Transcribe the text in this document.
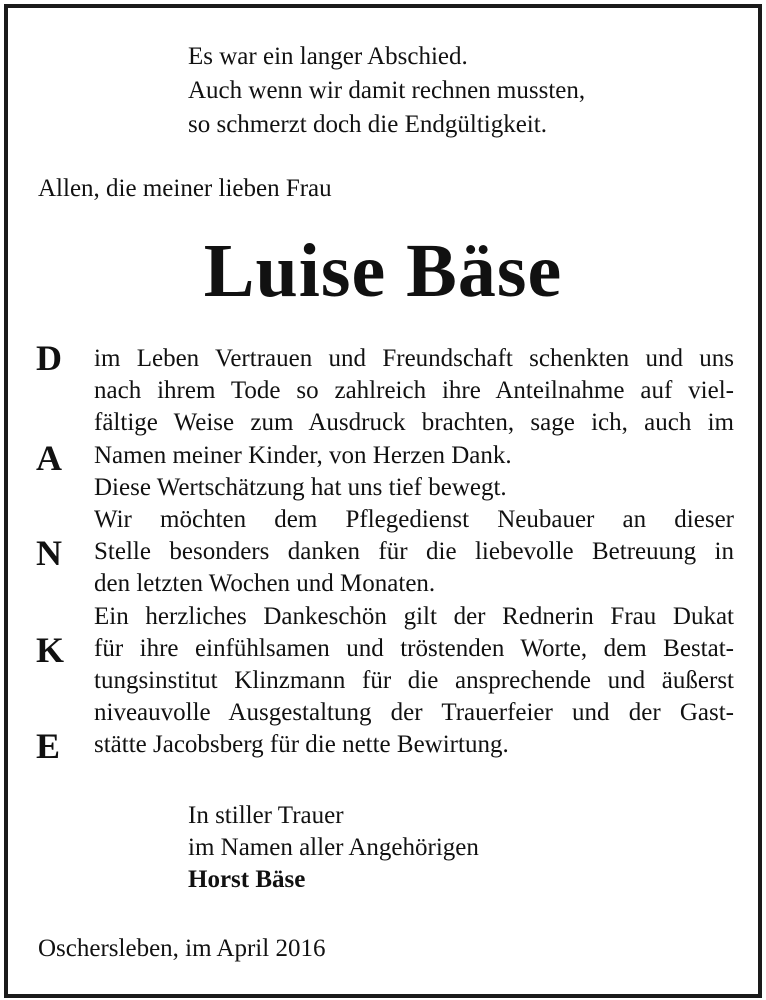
Es war ein langer Abschied.
Auch wenn wir damit rechnen mussten,
so schmerzt doch die Endgültigkeit.
Allen, die meiner lieben Frau
Luise Bäse
D
A
N
K
E
im Leben Vertrauen und Freundschaft schenkten und uns
nach ihrem Tode so zahlreich ihre Anteilnahme auf viel-
fältige Weise zum Ausdruck brachten, sage ich, auch im
Namen meiner Kinder, von Herzen Dank.
Diese Wertschätzung hat uns tief bewegt.
Wir möchten dem Pflegedienst Neubauer an dieser
Stelle besonders danken für die liebevolle Betreuung in
den letzten Wochen und Monaten.
Ein herzliches Dankeschön gilt der Rednerin Frau Dukat
für ihre einfühlsamen und tröstenden Worte, dem Bestat-
tungsinstitut Klinzmann für die ansprechende und äußerst
niveauvolle Ausgestaltung der Trauerfeier und der Gast-
stätte Jacobsberg für die nette Bewirtung.
In stiller Trauer
im Namen aller Angehörigen
Horst Bäse
Oschersleben, im April 2016
